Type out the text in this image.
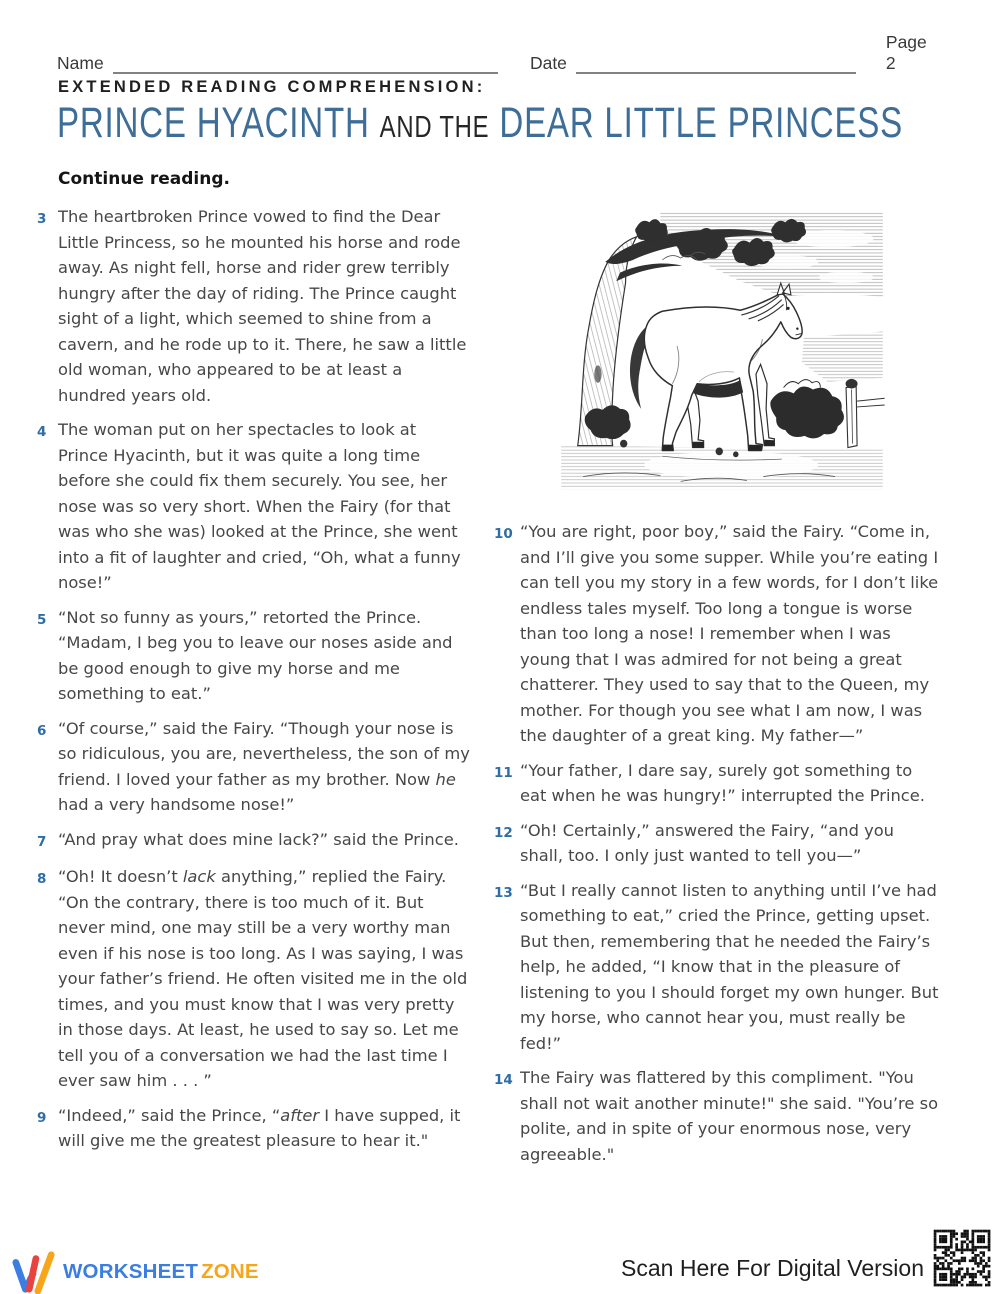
Name	Date
Page 2
EXTENDED READING COMPREHENSION:
PRINCE HYACINTH AND THE DEAR LITTLE PRINCESS
Continue reading.
3 The heartbroken Prince vowed to find the Dear Little Princess, so he mounted his horse and rode away. As night fell, horse and rider grew terribly hungry after the day of riding. The Prince caught sight of a light, which seemed to shine from a cavern, and he rode up to it. There, he saw a little old woman, who appeared to be at least a hundred years old.

4 The woman put on her spectacles to look at Prince Hyacinth, but it was quite a long time before she could fix them securely. You see, her nose was so very short. When the Fairy (for that was who she was) looked at the Prince, she went into a fit of laughter and cried, “Oh, what a funny nose!”

5 “Not so funny as yours,” retorted the Prince. “Madam, I beg you to leave our noses aside and be good enough to give my horse and me something to eat.”

6 “Of course,” said the Fairy. “Though your nose is so ridiculous, you are, nevertheless, the son of my friend. I loved your father as my brother. Now he had a very handsome nose!”

7 “And pray what does mine lack?” said the Prince.

8 “Oh! It doesn’t lack anything,” replied the Fairy. “On the contrary, there is too much of it. But never mind, one may still be a very worthy man even if his nose is too long. As I was saying, I was your father’s friend. He often visited me in the old times, and you must know that I was very pretty in those days. At least, he used to say so. Let me tell you of a conversation we had the last time I ever saw him . . . ”

9 “Indeed,” said the Prince, “after I have supped, it will give me the greatest pleasure to hear it."

10 “You are right, poor boy,” said the Fairy. “Come in, and I’ll give you some supper. While you’re eating I can tell you my story in a few words, for I don’t like endless tales myself. Too long a tongue is worse than too long a nose! I remember when I was young that I was admired for not being a great chatterer. They used to say that to the Queen, my mother. For though you see what I am now, I was the daughter of a great king. My father—”

11 “Your father, I dare say, surely got something to eat when he was hungry!” interrupted the Prince.

12 “Oh! Certainly,” answered the Fairy, “and you shall, too. I only just wanted to tell you—”

13 “But I really cannot listen to anything until I’ve had something to eat,” cried the Prince, getting upset. But then, remembering that he needed the Fairy’s help, he added, “I know that in the pleasure of listening to you I should forget my own hunger. But my horse, who cannot hear you, must really be fed!”

14 The Fairy was flattered by this compliment. "You shall not wait another minute!" she said. "You’re so polite, and in spite of your enormous nose, very agreeable."

WORKSHEET ZONE	Scan Here For Digital Version
